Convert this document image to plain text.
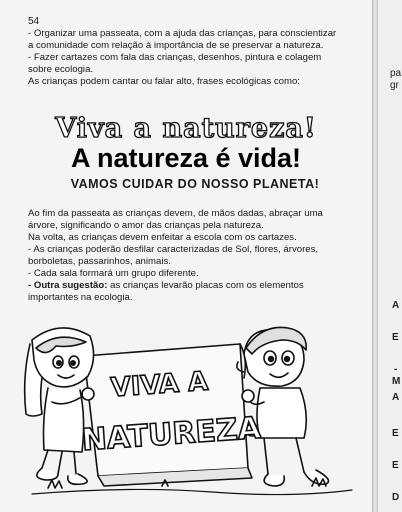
54

- Organizar uma passeata, com a ajuda das crianças, para conscientizar

a comunidade com relação à importância de se preservar a natureza.

- Fazer cartazes com fala das crianças, desenhos, pintura e colagem

sobre ecologia.

As crianças podem cantar ou falar alto, frases ecológicas como:

Viva a natureza!
A natureza é vida!
VAMOS CUIDAR DO NOSSO PLANETA!

Ao fim da passeata as crianças devem, de mãos dadas, abraçar uma

árvore, significando o amor das crianças pela natureza.

Na volta, as crianças devem enfeitar a escola com os cartazes.

- As crianças poderão desfilar caracterizadas de Sol, flores, árvores,

borboletas, passarinhos, animais.

- Cada sala formará um grupo diferente.

- Outra sugestão: as crianças levarão placas com os elementos

importantes na ecologia.

VIVA A
NATUREZA
pa
gr
A
E
-
M
A
E
E
D
